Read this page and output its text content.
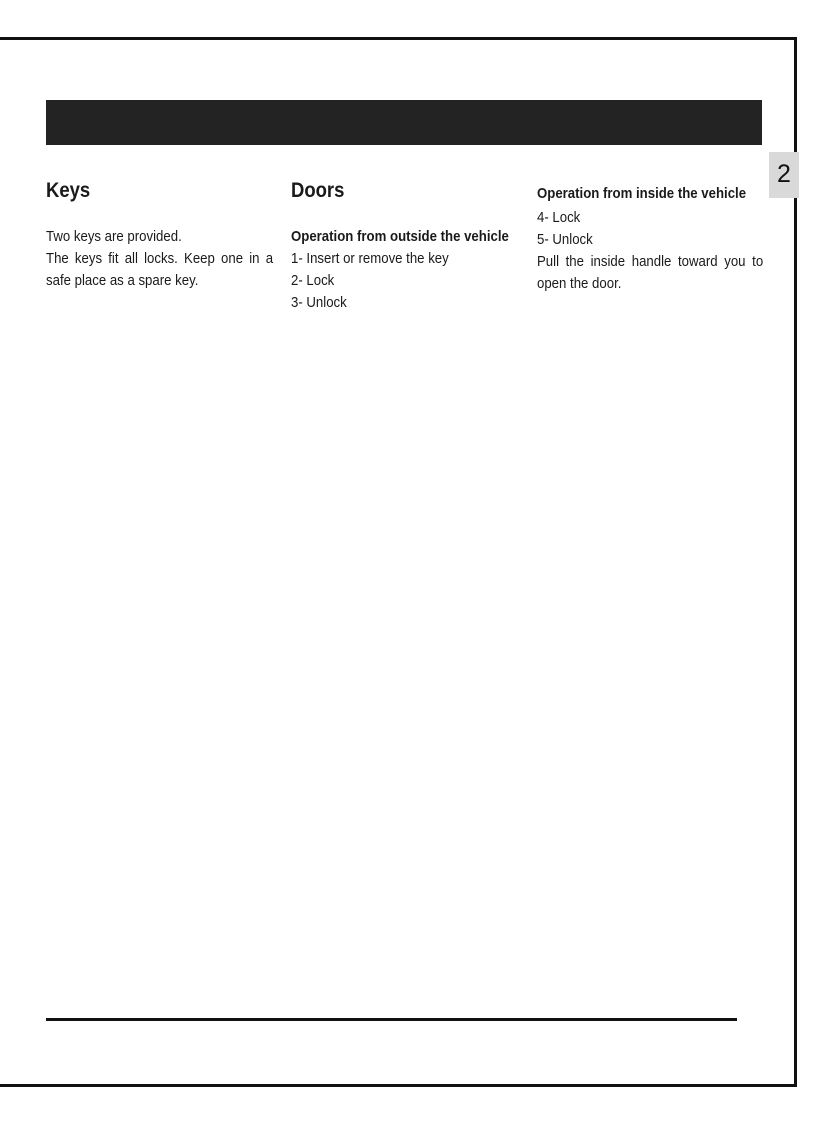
2
Keys

Two keys are provided.

The keys fit all locks. Keep one in a safe place as a spare key.

Doors
Operation from outside the vehicle

1- Insert or remove the key

2- Lock

3- Unlock

Operation from inside the vehicle

4- Lock

5- Unlock

Pull the inside handle toward you to open the door.
